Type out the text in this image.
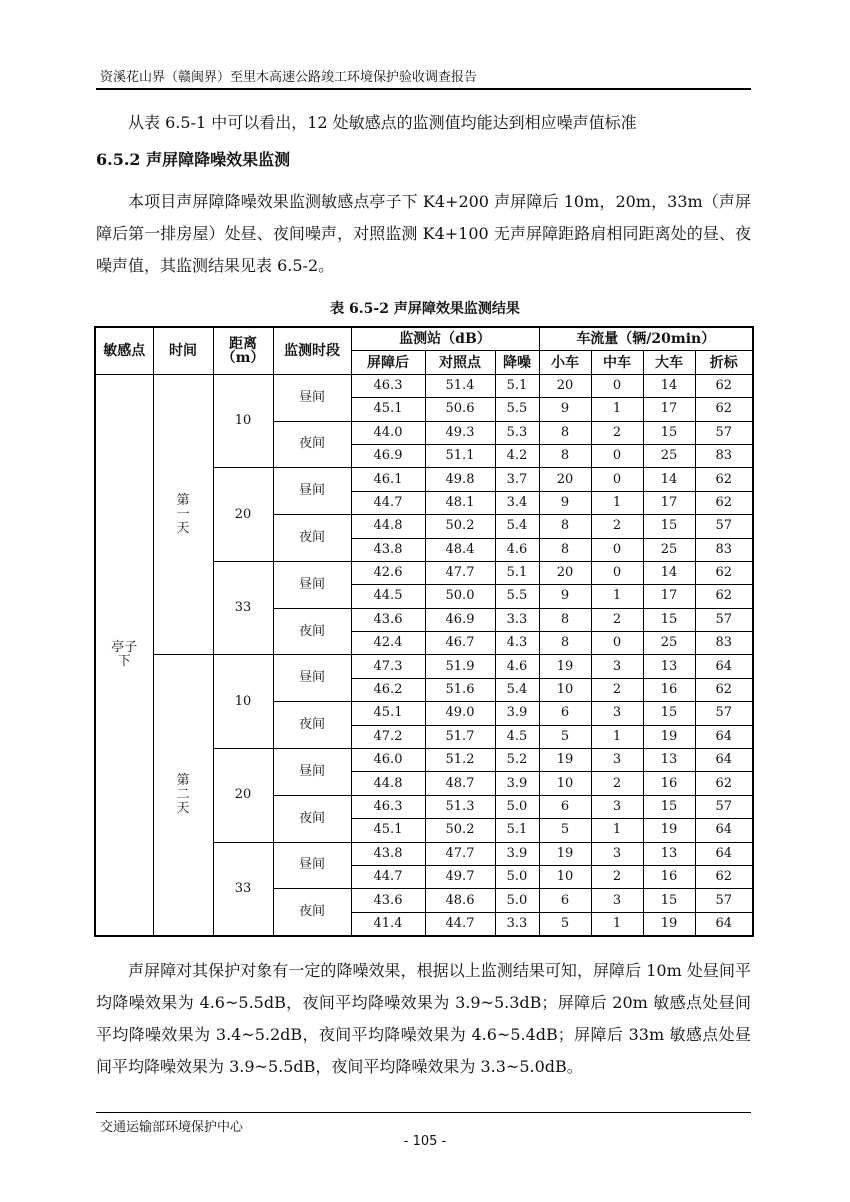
资溪花山界（赣闽界）至里木高速公路竣工环境保护验收调查报告
从表 6.5-1 中可以看出，12 处敏感点的监测值均能达到相应噪声值标准
6.5.2 声屏障降噪效果监测
本项目声屏障降噪效果监测敏感点亭子下 K4+200 声屏障后 10m，20m，33m（声屏障后第一排房屋）处昼、夜间噪声，对照监测 K4+100 无声屏障距路肩相同距离处的昼、夜噪声值，其监测结果见表 6.5-2。
表 6.5-2 声屏障效果监测结果
敏感点	时间	距离（m）	监测时段	监测站（dB）			车流量（辆/20min）			
				屏障后	对照点	降噪	小车	中车	大车	折标
亭子下	第一天	10	昼间	46.3	51.4	5.1	20	0	14	62
				45.1	50.6	5.5	9	1	17	62
			夜间	44.0	49.3	5.3	8	2	15	57
				46.9	51.1	4.2	8	0	25	83
		20	昼间	46.1	49.8	3.7	20	0	14	62
				44.7	48.1	3.4	9	1	17	62
			夜间	44.8	50.2	5.4	8	2	15	57
				43.8	48.4	4.6	8	0	25	83
		33	昼间	42.6	47.7	5.1	20	0	14	62
				44.5	50.0	5.5	9	1	17	62
			夜间	43.6	46.9	3.3	8	2	15	57
				42.4	46.7	4.3	8	0	25	83
	第二天	10	昼间	47.3	51.9	4.6	19	3	13	64
				46.2	51.6	5.4	10	2	16	62
			夜间	45.1	49.0	3.9	6	3	15	57
				47.2	51.7	4.5	5	1	19	64
		20	昼间	46.0	51.2	5.2	19	3	13	64
				44.8	48.7	3.9	10	2	16	62
			夜间	46.3	51.3	5.0	6	3	15	57
				45.1	50.2	5.1	5	1	19	64
		33	昼间	43.8	47.7	3.9	19	3	13	64
				44.7	49.7	5.0	10	2	16	62
			夜间	43.6	48.6	5.0	6	3	15	57
				41.4	44.7	3.3	5	1	19	64
声屏障对其保护对象有一定的降噪效果，根据以上监测结果可知，屏障后 10m 处昼间平均降噪效果为 4.6~5.5dB，夜间平均降噪效果为 3.9~5.3dB；屏障后 20m 敏感点处昼间平均降噪效果为 3.4~5.2dB，夜间平均降噪效果为 4.6~5.4dB；屏障后 33m 敏感点处昼间平均降噪效果为 3.9~5.5dB，夜间平均降噪效果为 3.3~5.0dB。
交通运输部环境保护中心
- 105 -
